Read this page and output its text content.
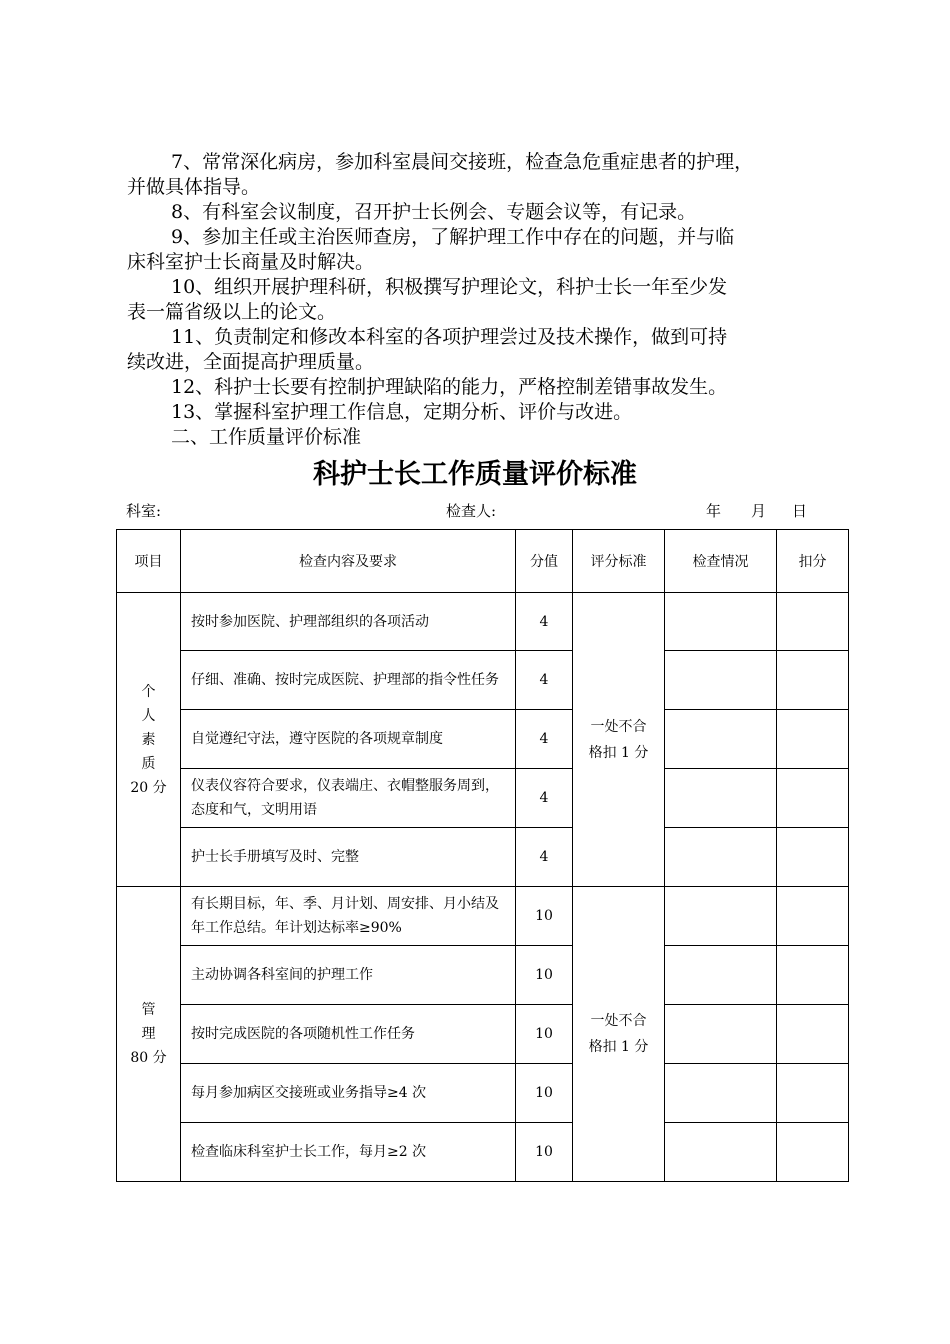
7、常常深化病房，参加科室晨间交接班，检查急危重症患者的护理，
并做具体指导。
8、有科室会议制度，召开护士长例会、专题会议等，有记录。
9、参加主任或主治医师查房，了解护理工作中存在的问题，并与临
床科室护士长商量及时解决。
10、组织开展护理科研，积极撰写护理论文，科护士长一年至少发
表一篇省级以上的论文。
11、负责制定和修改本科室的各项护理尝过及技术操作，做到可持
续改进，全面提高护理质量。
12、科护士长要有控制护理缺陷的能力，严格控制差错事故发生。
13、掌握科室护理工作信息，定期分析、评价与改进。
二、工作质量评价标准
科护士长工作质量评价标准
科室:	检查人:	年 月 日
项目	检查内容及要求	分值	评分标准	检查情况	扣分

个
人
素
质
20 分	按时参加医院、护理部组织的各项活动	4	一处不合
格扣 1 分		

	仔细、准确、按时完成医院、护理部的指令性任务	4			
	自觉遵纪守法，遵守医院的各项规章制度	4			
	仪表仪容符合要求，仪表端庄、衣帽整服务周到，态度和气，文明用语	4			
	护士长手册填写及时、完整	4			

管
理
80 分	有长期目标，年、季、月计划、周安排、月小结及年工作总结。年计划达标率≥90%	10	一处不合
格扣 1 分		

	主动协调各科室间的护理工作	10			
	按时完成医院的各项随机性工作任务	10			
	每月参加病区交接班或业务指导≥4 次	10			
	检查临床科室护士长工作，每月≥2 次	10			
